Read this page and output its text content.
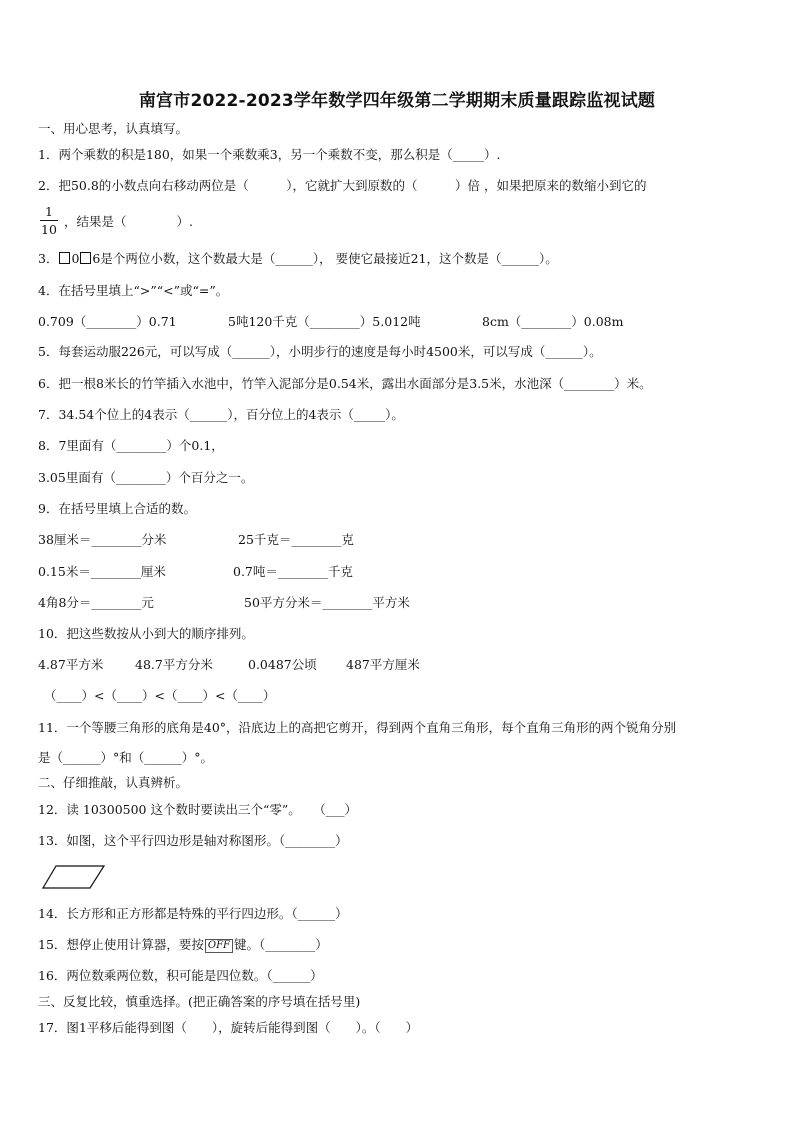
南宫市2022-2023学年数学四年级第二学期期末质量跟踪监视试题
一、用心思考，认真填写。
1．两个乘数的积是180，如果一个乘数乘3，另一个乘数不变，那么积是（_____）.
2．把50.8的小数点向右移动两位是（　　　），它就扩大到原数的（　　　）倍 ，如果把原来的数缩小到它的
$\frac{1}{10}$ ，结果是（　　　　）.
3． 0 6是个两位小数，这个数最大是（______）， 要使它最接近21，这个数是（______）。
4．在括号里填上“>”“<”或“=”。
0.709（________）0.71	5吨120千克（________）5.012吨	8cm（________）0.08m
5．每套运动服226元，可以写成（______），小明步行的速度是每小时4500米，可以写成（______）。
6．把一根8米长的竹竿插入水池中，竹竿入泥部分是0.54米，露出水面部分是3.5米，水池深（________）米。
7．34.54个位上的4表示（______），百分位上的4表示（_____）。
8．7里面有（________）个0.1，
3.05里面有（________）个百分之一。
9．在括号里填上合适的数。
38厘米＝________分米	25千克＝________克
0.15米＝________厘米	0.7吨＝________千克
4角8分＝________元	50平方分米＝________平方米
10．把这些数按从小到大的顺序排列。
4.87平方米	48.7平方分米	0.0487公顷 487平方厘米
（____）<（____）<（____）<（____）
11．一个等腰三角形的底角是40°，沿底边上的高把它剪开，得到两个直角三角形，每个直角三角形的两个锐角分别
是（______）°和（______）°。
二、仔细推敲，认真辨析。
12．读 10300500 这个数时要读出三个“零”。　　（___）
13．如图，这个平行四边形是轴对称图形。（________）
14．长方形和正方形都是特殊的平行四边形。（______）
15．想停止使用计算器，要按 OFF 键。（________）
16．两位数乘两位数，积可能是四位数。（______）
三、反复比较，慎重选择。(把正确答案的序号填在括号里)
17．图1平移后能得到图（　　），旋转后能得到图（　　）。（　　）
